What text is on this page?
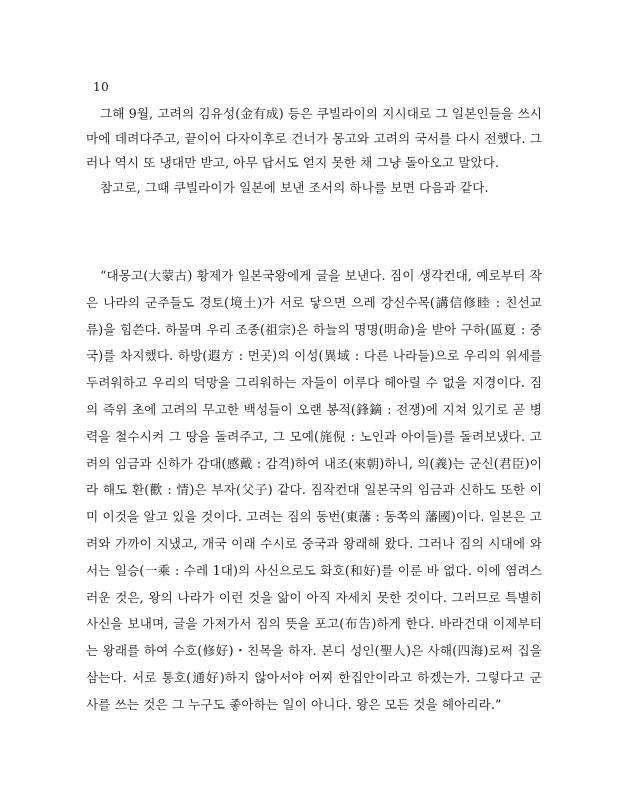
10

그해 9월, 고려의 김유성(金有成) 등은 쿠빌라이의 지시대로 그 일본인들을 쓰시마에 데려다주고, 끝이어 다자이후로 건너가 몽고와 고려의 국서를 다시 전했다. 그러나 역시 또 냉대만 받고, 아무 답서도 얻지 못한 채 그냥 돌아오고 말았다.

참고로, 그때 쿠빌라이가 일본에 보낸 조서의 하나를 보면 다음과 같다.

“대몽고(大蒙古) 황제가 일본국왕에게 글을 보낸다. 짐이 생각컨대, 예로부터 작은 나라의 군주들도 경토(境土)가 서로 닿으면 으레 강신수목(講信修睦 : 친선교류)을 힘쓴다. 하물며 우리 조종(祖宗)은 하늘의 명명(明命)을 받아 구하(區夏 : 중국)를 차지했다. 하방(遐方 : 먼곳)의 이성(異域 : 다른 나라들)으로 우리의 위세를 두려워하고 우리의 덕망을 그리워하는 자들이 이루다 헤아릴 수 없을 지경이다. 짐의 즉위 초에 고려의 무고한 백성들이 오랜 봉적(鋒鏑 : 전쟁)에 지쳐 있기로 곧 병력을 철수시켜 그 땅을 돌려주고, 그 모예(旄倪 : 노인과 아이들)를 돌려보냈다. 고려의 임금과 신하가 감대(感戴 : 감격)하여 내조(來朝)하니, 의(義)는 군신(君臣)이라 해도 환(歡 : 情)은 부자(父子) 같다. 짐작컨대 일본국의 임금과 신하도 또한 이미 이것을 알고 있을 것이다. 고려는 짐의 동번(東藩 : 동쪽의 藩國)이다. 일본은 고려와 가까이 지냈고, 개국 이래 수시로 중국과 왕래해 왔다. 그러나 짐의 시대에 와서는 일승(一乘 : 수레 1대)의 사신으로도 화호(和好)를 이룬 바 없다. 이에 염려스러운 것은, 왕의 나라가 이런 것을 앎이 아직 자세치 못한 것이다. 그러므로 특별히 사신을 보내며, 글을 가져가서 짐의 뜻을 포고(布告)하게 한다. 바라건대 이제부터는 왕래를 하여 수호(修好)・친목을 하자. 본디 성인(聖人)은 사해(四海)로써 집을 삼는다. 서로 통호(通好)하지 않아서야 어찌 한집안이라고 하겠는가. 그렇다고 군사를 쓰는 것은 그 누구도 좋아하는 일이 아니다. 왕은 모든 것을 헤아리라.”
